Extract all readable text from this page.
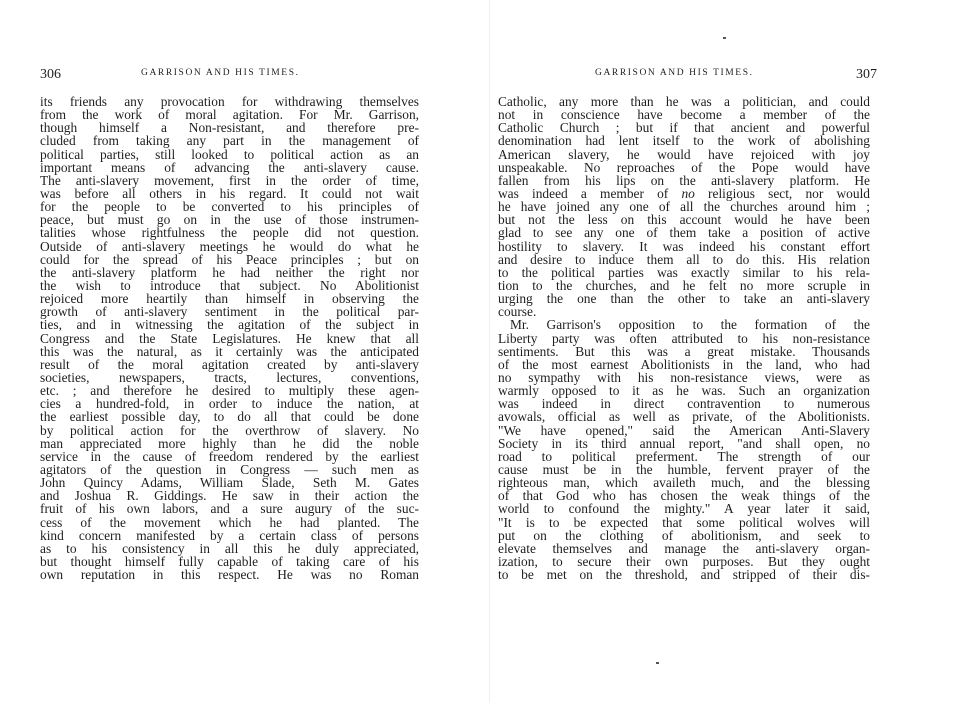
306	GARRISON AND HIS TIMES.
its friends any provocation for withdrawing themselves
from the work of moral agitation. For Mr. Garrison,
though himself a Non-resistant, and therefore pre-
cluded from taking any part in the management of
political parties, still looked to political action as an
important means of advancing the anti-slavery cause.
The anti-slavery movement, first in the order of time,
was before all others in his regard. It could not wait
for the people to be converted to his principles of
peace, but must go on in the use of those instrumen-
talities whose rightfulness the people did not question.
Outside of anti-slavery meetings he would do what he
could for the spread of his Peace principles ; but on
the anti-slavery platform he had neither the right nor
the wish to introduce that subject. No Abolitionist
rejoiced more heartily than himself in observing the
growth of anti-slavery sentiment in the political par-
ties, and in witnessing the agitation of the subject in
Congress and the State Legislatures. He knew that all
this was the natural, as it certainly was the anticipated
result of the moral agitation created by anti-slavery
societies, newspapers, tracts, lectures, conventions,
etc. ; and therefore he desired to multiply these agen-
cies a hundred-fold, in order to induce the nation, at
the earliest possible day, to do all that could be done
by political action for the overthrow of slavery. No
man appreciated more highly than he did the noble
service in the cause of freedom rendered by the earliest
agitators of the question in Congress — such men as
John Quincy Adams, William Slade, Seth M. Gates
and Joshua R. Giddings. He saw in their action the
fruit of his own labors, and a sure augury of the suc-
cess of the movement which he had planted. The
kind concern manifested by a certain class of persons
as to his consistency in all this he duly appreciated,
but thought himself fully capable of taking care of his
own reputation in this respect. He was no Roman
GARRISON AND HIS TIMES.	307
Catholic, any more than he was a politician, and could
not in conscience have become a member of the
Catholic Church ; but if that ancient and powerful
denomination had lent itself to the work of abolishing
American slavery, he would have rejoiced with joy
unspeakable. No reproaches of the Pope would have
fallen from his lips on the anti-slavery platform. He
was indeed a member of no religious sect, nor would
he have joined any one of all the churches around him ;
but not the less on this account would he have been
glad to see any one of them take a position of active
hostility to slavery. It was indeed his constant effort
and desire to induce them all to do this. His relation
to the political parties was exactly similar to his rela-
tion to the churches, and he felt no more scruple in
urging the one than the other to take an anti-slavery
course.
Mr. Garrison's opposition to the formation of the
Liberty party was often attributed to his non-resistance
sentiments. But this was a great mistake. Thousands
of the most earnest Abolitionists in the land, who had
no sympathy with his non-resistance views, were as
warmly opposed to it as he was. Such an organization
was indeed in direct contravention to numerous
avowals, official as well as private, of the Abolitionists.
"We have opened," said the American Anti-Slavery
Society in its third annual report, "and shall open, no
road to political preferment. The strength of our
cause must be in the humble, fervent prayer of the
righteous man, which availeth much, and the blessing
of that God who has chosen the weak things of the
world to confound the mighty." A year later it said,
"It is to be expected that some political wolves will
put on the clothing of abolitionism, and seek to
elevate themselves and manage the anti-slavery organ-
ization, to secure their own purposes. But they ought
to be met on the threshold, and stripped of their dis-
